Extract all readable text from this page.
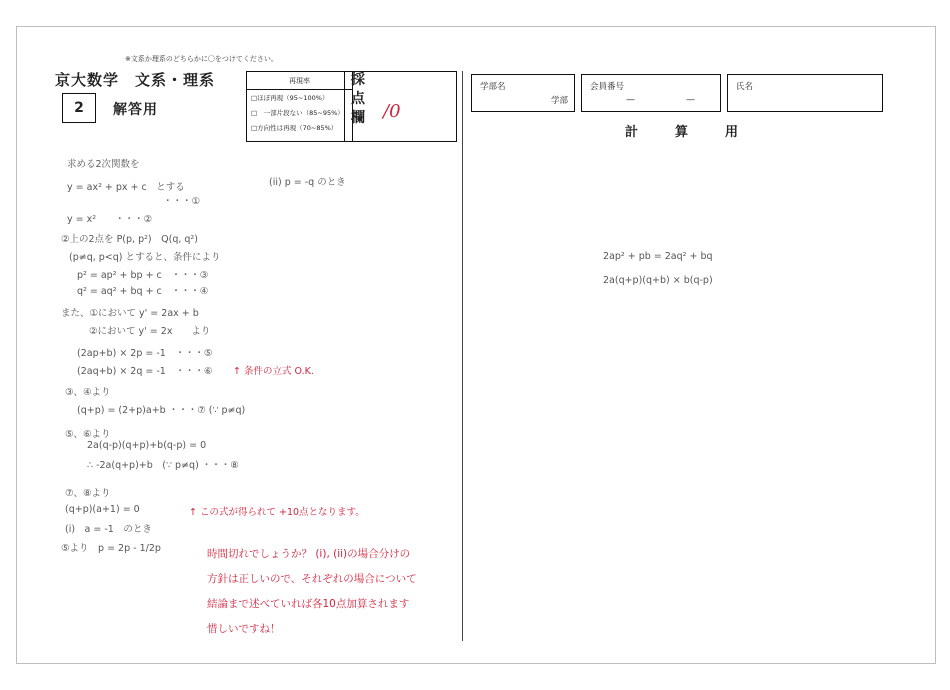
※文系か理系のどちらかに〇をつけてください。
京大数学　文系・理系
2 解答用
再現率
□ほぼ再現（95~100%）
□　一部片段ない（85~95%）
□方向性は再現（70~85%）
採
点
欄 /0
学部名
学部
会員番号
—	—
氏名
計　算　用
求める2次関数を
y = ax² + px + c　とする
・・・①
y = x²　　・・・②
②上の2点を P(p, p²)　Q(q, q²)
(p≠q, p<q) とすると、条件により
p² = ap² + bp + c　・・・③
q² = aq² + bq + c　・・・④
また、①において y' = 2ax + b
②において y' = 2x　　より
(2ap+b) × 2p = -1　・・・⑤
(2aq+b) × 2q = -1　・・・⑥
③、④より
(q+p) = (2+p)a+b ・・・⑦ (∵ p≠q)
⑤、⑥より
2a(q-p)(q+p)+b(q-p) = 0
∴ -2a(q+p)+b　(∵ p≠q) ・・・⑧
⑦、⑧より
(q+p)(a+1) = 0
(i)　a = -1　のとき
⑤より　p = 2p - 1/2p
(ii) p = -q のとき
↑ 条件の立式 O.K.
↑ この式が得られて +10点となります。
時間切れでしょうか？ (i), (ii)の場合分けの
方針は正しいので、それぞれの場合について
結論まで述べていれば各10点加算されます
惜しいですね！
2ap² + pb = 2aq² + bq
2a(q+p)(q+b) × b(q-p)
